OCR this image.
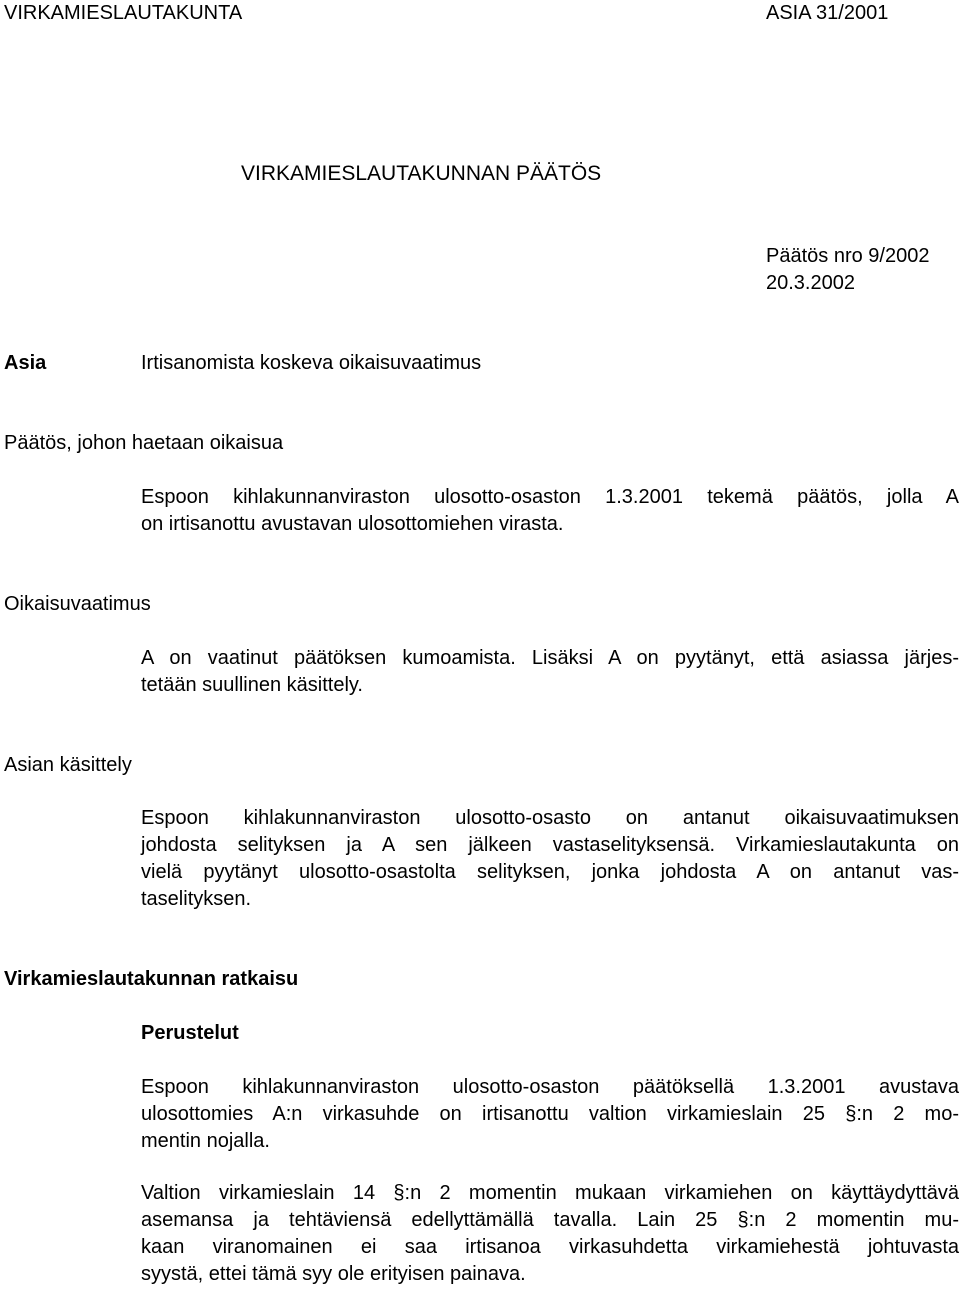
VIRKAMIESLAUTAKUNTA	ASIA 31/2001
VIRKAMIESLAUTAKUNNAN PÄÄTÖS
Päätös nro 9/2002
20.3.2002
Asia	Irtisanomista koskeva oikaisuvaatimus
Päätös, johon haetaan oikaisua
Espoon kihlakunnanviraston ulosotto-osaston 1.3.2001 tekemä päätös, jolla A
on irtisanottu avustavan ulosottomiehen virasta.
Oikaisuvaatimus
A on vaatinut päätöksen kumoamista. Lisäksi A on pyytänyt, että asiassa järjes-
tetään suullinen käsittely.
Asian käsittely
Espoon kihlakunnanviraston ulosotto-osasto on antanut oikaisuvaatimuksen
johdosta selityksen ja A sen jälkeen vastaselityksensä. Virkamieslautakunta on
vielä pyytänyt ulosotto-osastolta selityksen, jonka johdosta A on antanut vas-
taselityksen.
Virkamieslautakunnan ratkaisu
Perustelut
Espoon kihlakunnanviraston ulosotto-osaston päätöksellä 1.3.2001 avustava
ulosottomies A:n virkasuhde on irtisanottu valtion virkamieslain 25 §:n 2 mo-
mentin nojalla.
Valtion virkamieslain 14 §:n 2 momentin mukaan virkamiehen on käyttäydyttävä
asemansa ja tehtäviensä edellyttämällä tavalla. Lain 25 §:n 2 momentin mu-
kaan viranomainen ei saa irtisanoa virkasuhdetta virkamiehestä johtuvasta
syystä, ettei tämä syy ole erityisen painava.
